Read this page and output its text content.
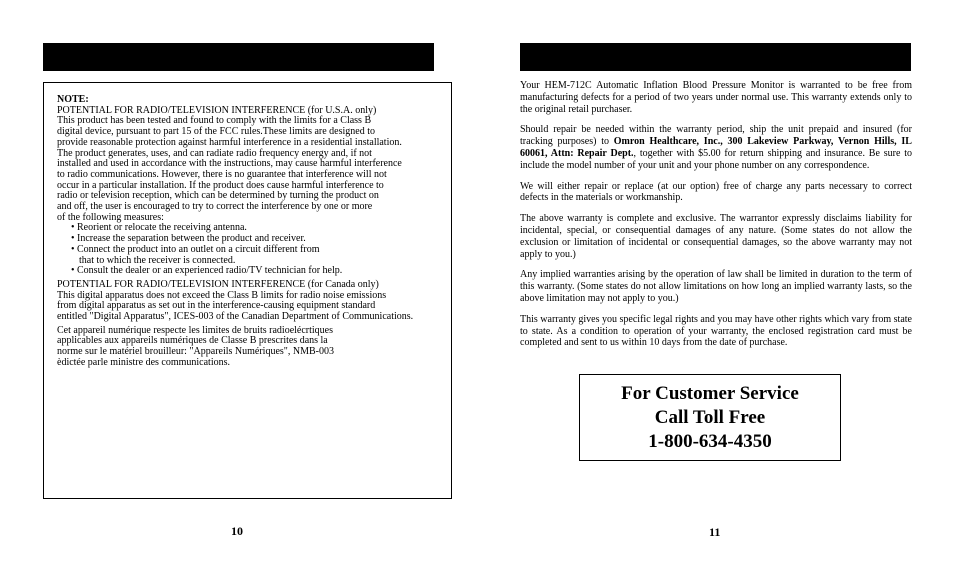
NOTE:
POTENTIAL FOR RADIO/TELEVISION INTERFERENCE (for U.S.A. only)
This product has been tested and found to comply with the limits for a Class B
digital device, pursuant to part 15 of the FCC rules.These limits are designed to
provide reasonable protection against harmful interference in a residential installation.
The product generates, uses, and can radiate radio frequency energy and, if not
installed and used in accordance with the instructions, may cause harmful interference
to radio communications. However, there is no guarantee that interference will not
occur in a particular installation. If the product does cause harmful interference to
radio or television reception, which can be determined by turning the product on
and off, the user is encouraged to try to correct the interference by one or more
of the following measures:
• Reorient or relocate the receiving antenna.
• Increase the separation between the product and receiver.
• Connect the product into an outlet on a circuit different from
that to which the receiver is connected.
• Consult the dealer or an experienced radio/TV technician for help.
POTENTIAL FOR RADIO/TELEVISION INTERFERENCE (for Canada only)
This digital apparatus does not exceed the Class B limits for radio noise emissions
from digital apparatus as set out in the interference-causing equipment standard
entitled "Digital Apparatus", ICES-003 of the Canadian Department of Communications.
Cet appareil numérique respecte les limites de bruits radioelécrtiques
applicables aux appareils numériques de Classe B prescrites dans la
norme sur le matériel brouilleur: "Appareils Numériques", NMB-003
èdictée parle ministre des communications.

Your HEM-712C Automatic Inflation Blood Pressure Monitor is warranted to be free from manufacturing defects for a period of two years under normal use. This warranty extends only to the original retail purchaser.

Should repair be needed within the warranty period, ship the unit prepaid and insured (for tracking purposes) to Omron Healthcare, Inc., 300 Lakeview Parkway, Vernon Hills, IL 60061, Attn: Repair Dept., together with $5.00 for return shipping and insurance. Be sure to include the model number of your unit and your phone number on any correspondence.

We will either repair or replace (at our option) free of charge any parts necessary to correct defects in the materials or workmanship.

The above warranty is complete and exclusive. The warrantor expressly disclaims liability for incidental, special, or consequential damages of any nature. (Some states do not allow the exclusion or limitation of incidental or consequential damages, so the above warranty may not apply to you.)

Any implied warranties arising by the operation of law shall be limited in duration to the term of this warranty. (Some states do not allow limitations on how long an implied warranty lasts, so the above limitation may not apply to you.)

This warranty gives you specific legal rights and you may have other rights which vary from state to state. As a condition to operation of your warranty, the enclosed registration card must be completed and sent to us within 10 days from the date of purchase.

For Customer Service
Call Toll Free
1-800-634-4350
10	11
